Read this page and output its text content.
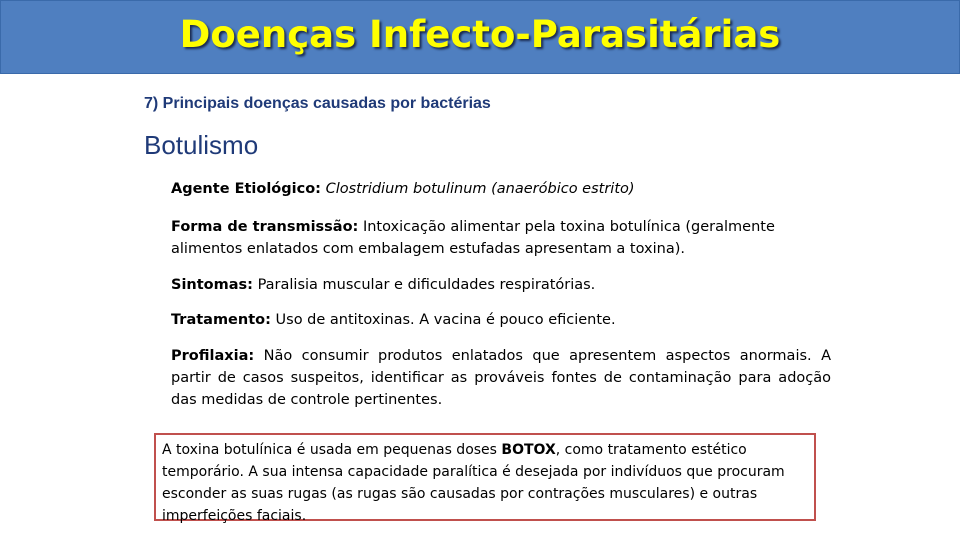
Doenças Infecto-Parasitárias
7) Principais doenças causadas por bactérias
Botulismo
Agente Etiológico: Clostridium botulinum (anaeróbico estrito)
Forma de transmissão: Intoxicação alimentar pela toxina botulínica (geralmente alimentos enlatados com embalagem estufadas apresentam a toxina).
Sintomas: Paralisia muscular e dificuldades respiratórias.
Tratamento: Uso de antitoxinas. A vacina é pouco eficiente.
Profilaxia: Não consumir produtos enlatados que apresentem aspectos anormais. A partir de casos suspeitos, identificar as prováveis fontes de contaminação para adoção das medidas de controle pertinentes.
A toxina botulínica é usada em pequenas doses BOTOX, como tratamento estético temporário. A sua intensa capacidade paralítica é desejada por indivíduos que procuram esconder as suas rugas (as rugas são causadas por contrações musculares) e outras imperfeições faciais.
